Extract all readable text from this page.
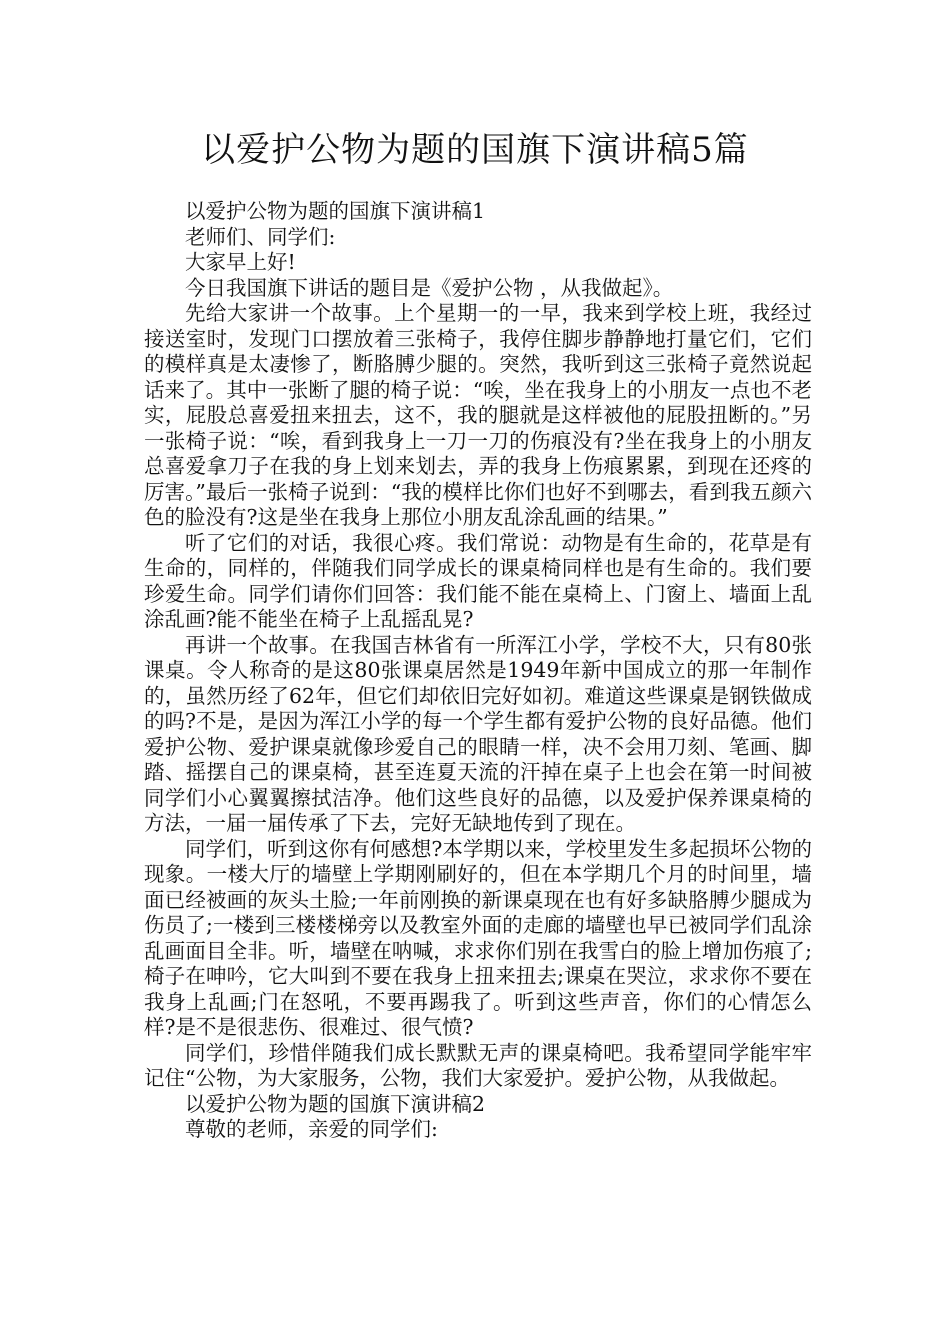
以爱护公物为题的国旗下演讲稿5篇

以爱护公物为题的国旗下演讲稿1

老师们、同学们:

大家早上好!

今日我国旗下讲话的题目是《爱护公物 ，从我做起》。

先给大家讲一个故事。上个星期一的一早，我来到学校上班，我经过接送室时，发现门口摆放着三张椅子，我停住脚步静静地打量它们，它们的模样真是太凄惨了，断胳膊少腿的。突然，我听到这三张椅子竟然说起话来了。其中一张断了腿的椅子说：“唉，坐在我身上的小朋友一点也不老实，屁股总喜爱扭来扭去，这不，我的腿就是这样被他的屁股扭断的。”另一张椅子说：“唉，看到我身上一刀一刀的伤痕没有?坐在我身上的小朋友总喜爱拿刀子在我的身上划来划去，弄的我身上伤痕累累，到现在还疼的厉害。”最后一张椅子说到：“我的模样比你们也好不到哪去，看到我五颜六色的脸没有?这是坐在我身上那位小朋友乱涂乱画的结果。”

听了它们的对话，我很心疼。我们常说：动物是有生命的，花草是有生命的，同样的，伴随我们同学成长的课桌椅同样也是有生命的。我们要珍爱生命。同学们请你们回答：我们能不能在桌椅上、门窗上、墙面上乱涂乱画?能不能坐在椅子上乱摇乱晃?

再讲一个故事。在我国吉林省有一所浑江小学，学校不大，只有80张课桌。令人称奇的是这80张课桌居然是1949年新中国成立的那一年制作的，虽然历经了62年，但它们却依旧完好如初。难道这些课桌是钢铁做成的吗?不是，是因为浑江小学的每一个学生都有爱护公物的良好品德。他们爱护公物、爱护课桌就像珍爱自己的眼睛一样，决不会用刀刻、笔画、脚踏、摇摆自己的课桌椅，甚至连夏天流的汗掉在桌子上也会在第一时间被同学们小心翼翼擦拭洁净。他们这些良好的品德，以及爱护保养课桌椅的方法，一届一届传承了下去，完好无缺地传到了现在。

同学们，听到这你有何感想?本学期以来，学校里发生多起损坏公物的现象。一楼大厅的墙壁上学期刚刷好的，但在本学期几个月的时间里，墙面已经被画的灰头土脸;一年前刚换的新课桌现在也有好多缺胳膊少腿成为伤员了;一楼到三楼楼梯旁以及教室外面的走廊的墙壁也早已被同学们乱涂乱画面目全非。听，墙壁在呐喊，求求你们别在我雪白的脸上增加伤痕了;椅子在呻吟，它大叫到不要在我身上扭来扭去;课桌在哭泣，求求你不要在我身上乱画;门在怒吼，不要再踢我了。听到这些声音，你们的心情怎么样?是不是很悲伤、很难过、很气愤?

同学们，珍惜伴随我们成长默默无声的课桌椅吧。我希望同学能牢牢记住“公物，为大家服务，公物，我们大家爱护。爱护公物，从我做起。

以爱护公物为题的国旗下演讲稿2

尊敬的老师，亲爱的同学们:
